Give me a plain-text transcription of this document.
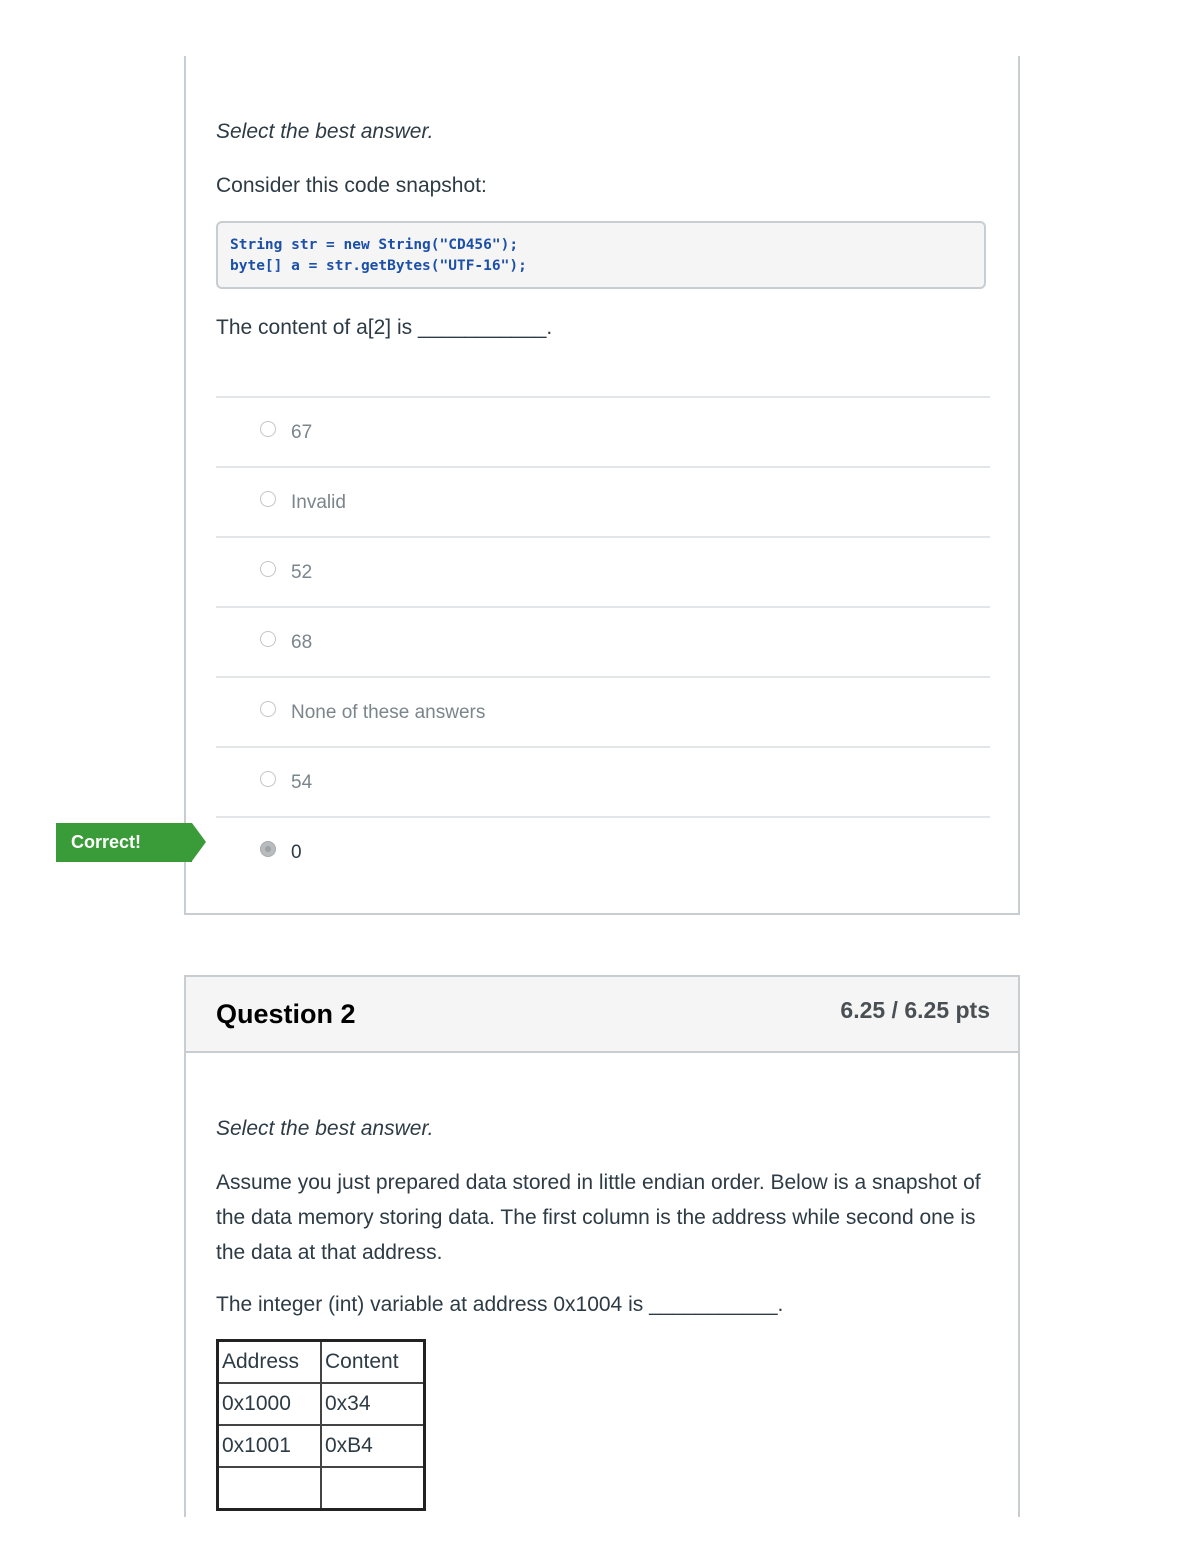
Select the best answer.

Consider this code snapshot:

String str = new String("CD456");
byte[] a = str.getBytes("UTF-16");

The content of a[2] is ___________.

67
Invalid
52
68
None of these answers
54
0
Correct!
Question 2	6.25 / 6.25 pts

Select the best answer.

Assume you just prepared data stored in little endian order. Below is a snapshot of the data memory storing data. The first column is the address while second one is the data at that address.

The integer (int) variable at address 0x1004 is ___________.

Address	Content
0x1000	0x34
0x1001	0xB4
